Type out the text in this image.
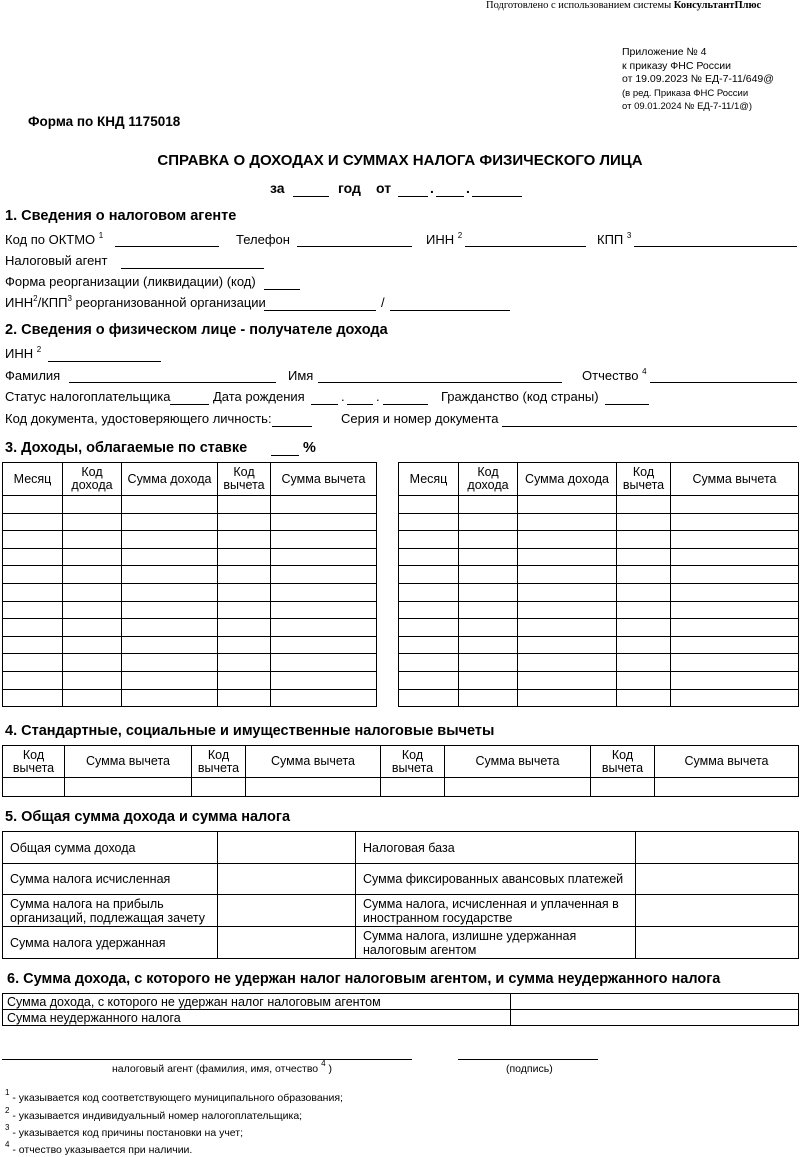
Подготовлено с использованием системы КонсультантПлюс
Приложение № 4
к приказу ФНС России
от 19.09.2023 № ЕД-7-11/649@
(в ред. Приказа ФНС России
от 09.01.2024 № ЕД-7-11/1@)
Форма по КНД 1175018
СПРАВКА О ДОХОДАХ И СУММАХ НАЛОГА ФИЗИЧЕСКОГО ЛИЦА
за	год от	. .
1. Сведения о налоговом агенте
Код по ОКТМО $^1$	Телефон	ИНН $^2$	КПП $^3$
Налоговый агент
Форма реорганизации (ликвидации) (код)
ИНН$^2$/КПП$^3$ реорганизованной организации	/
2. Сведения о физическом лице - получателе дохода
ИНН $^2$
Фамилия	Имя	Отчество $^4$
Статус налогоплательщика	Дата рождения	. .	Гражданство (код страны)
Код документа, удостоверяющего личность:	Серия и номер документа
3. Доходы, облагаемые по ставке	%
Месяц	Код дохода	Сумма дохода	Код вычета	Сумма вычета

					Месяц	Код дохода	Сумма дохода	Код вычета	Сумма вычета

4. Стандартные, социальные и имущественные налоговые вычеты
Код вычета	Сумма вычета	Код вычета	Сумма вычета	Код вычета	Сумма вычета	Код вычета	Сумма вычета

5. Общая сумма дохода и сумма налога
Общая сумма дохода		Налоговая база	
Сумма налога исчисленная		Сумма фиксированных авансовых платежей	
Сумма налога на прибыль организаций, подлежащая зачету		Сумма налога, исчисленная и уплаченная в иностранном государстве	
Сумма налога удержанная		Сумма налога, излишне удержанная налоговым агентом	
6. Сумма дохода, с которого не удержан налог налоговым агентом, и сумма неудержанного налога
Сумма дохода, с которого не удержан налог налоговым агентом	
Сумма неудержанного налога	
налоговый агент (фамилия, имя, отчество $^4$ )	(подпись)
$^1$ - указывается код соответствующего муниципального образования;
$^2$ - указывается индивидуальный номер налогоплательщика;
$^3$ - указывается код причины постановки на учет;
$^4$ - отчество указывается при наличии.
